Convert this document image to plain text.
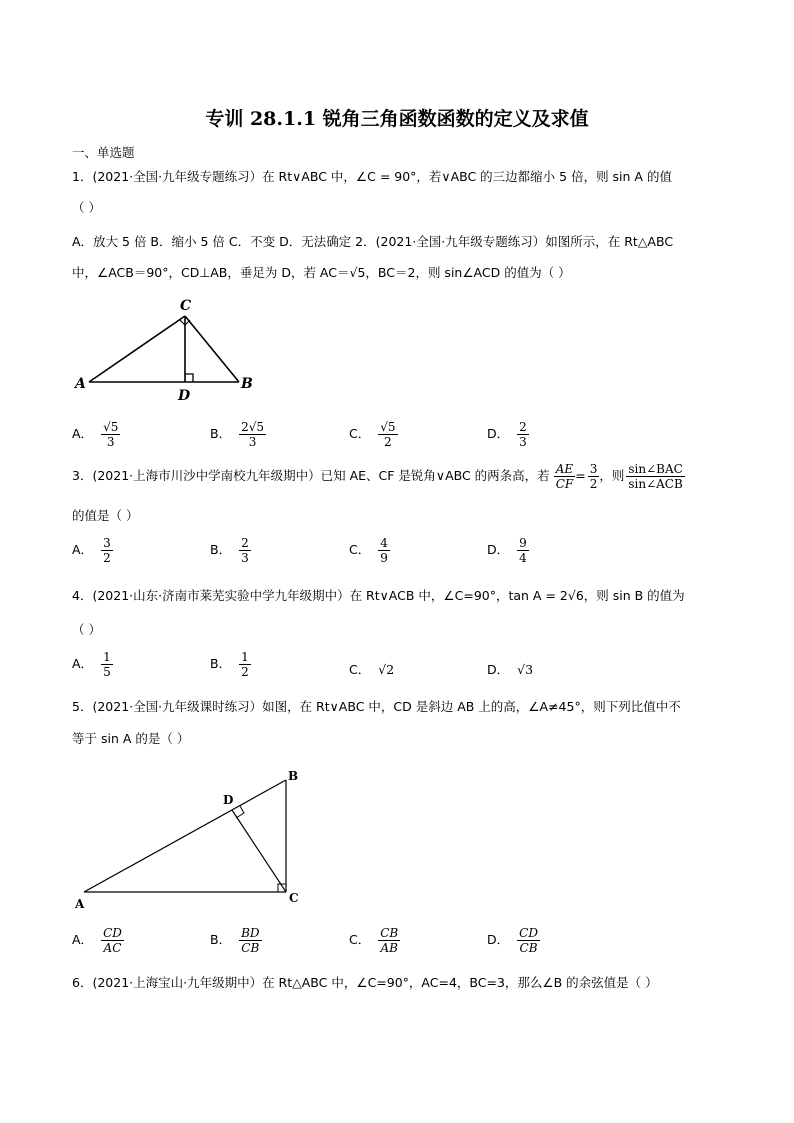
专训 28.1.1 锐角三角函数函数的定义及求值
一、单选题
1．(2021·全国·九年级专题练习）在 Rt∨ABC 中，∠C = 90°，若∨ABC 的三边都缩小 5 倍，则 sin A 的值
（ ）
A．放大 5 倍 B．缩小 5 倍 C．不变 D．无法确定 2．(2021·全国·九年级专题练习）如图所示，在 Rt△ABC
中，∠ACB＝90°，CD⊥AB，垂足为 D，若 AC＝√5，BC＝2，则 sin∠ACD 的值为（ ）
C
A	B
D
A． $\frac{√5}{3}$	B． $\frac{2√5}{3}$	C． $\frac{√5}{2}$	D． $\frac{2}{3}$
3．(2021·上海市川沙中学南校九年级期中）已知 AE、CF 是锐角∨ABC 的两条高，若 $\frac{AE}{CF} = \frac{3}{2}$ ，则 $\frac{\text{sin∠BAC}}{\text{sin∠ACB}}$
的值是（ ）
A． $\frac{3}{2}$	B． $\frac{2}{3}$	C． $\frac{4}{9}$	D． $\frac{9}{4}$
4．(2021·山东·济南市莱芜实验中学九年级期中）在 Rt∨ACB 中，∠C=90°，tan A = 2√6，则 sin B 的值为
（ ）
A． $\frac{1}{5}$	B． $\frac{1}{2}$	C． √2	D． √3
5．(2021·全国·九年级课时练习）如图，在 Rt∨ABC 中，CD 是斜边 AB 上的高，∠A≠45°，则下列比值中不
等于 sin A 的是（ ）
B
D
A	C
A． $\frac{CD}{AC}$	B． $\frac{BD}{CB}$	C． $\frac{CB}{AB}$	D． $\frac{CD}{CB}$
6．(2021·上海宝山·九年级期中）在 Rt△ABC 中，∠C=90°，AC=4，BC=3，那么∠B 的余弦值是（ ）
